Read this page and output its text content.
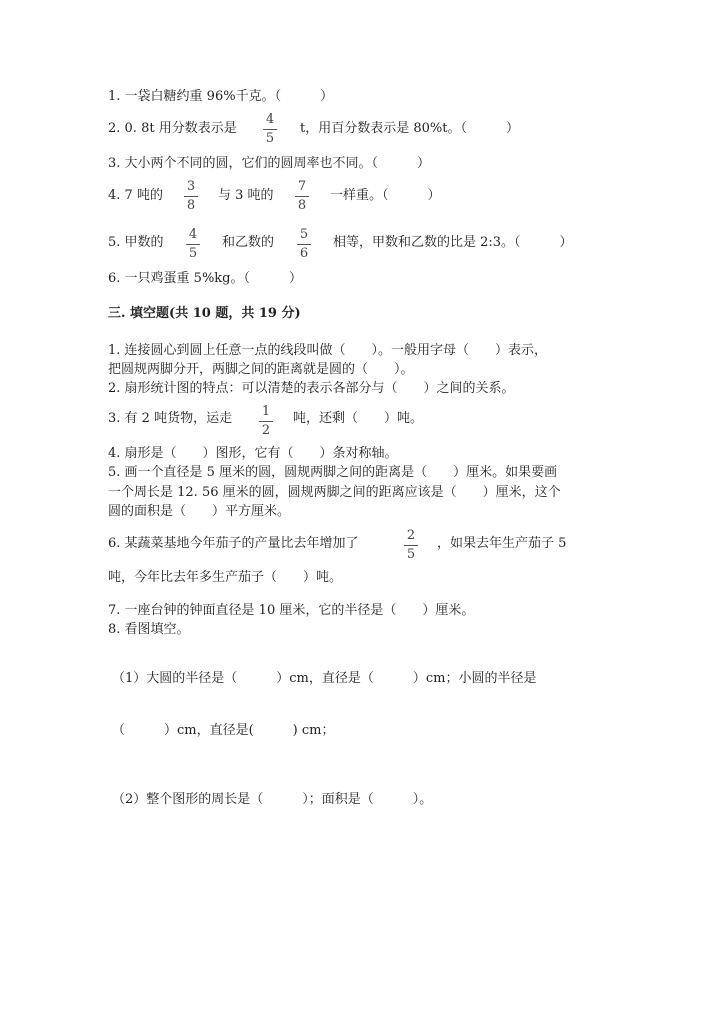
1. 一袋白糖约重 96%千克。（　　　）
2. 0. 8t 用分数表示是
4
5
t，用百分数表示是 80%t。（　　　）
3. 大小两个不同的圆，它们的圆周率也不同。（　　　）
4. 7 吨的
3
8
与 3 吨的
7
8
一样重。（　　　）
5. 甲数的
4
5
和乙数的
5
6
相等，甲数和乙数的比是 2:3。（　　　）
6. 一只鸡蛋重 5%kg。（　　　）
三. 填空题(共 10 题，共 19 分)
1. 连接圆心到圆上任意一点的线段叫做（　　）。一般用字母（　　）表示，
把圆规两脚分开，两脚之间的距离就是圆的（　　）。
2. 扇形统计图的特点：可以清楚的表示各部分与（　　）之间的关系。
3. 有 2 吨货物，运走 1
2
吨，还剩（　　）吨。
4. 扇形是（　　）图形，它有（　　）条对称轴。
5. 画一个直径是 5 厘米的圆，圆规两脚之间的距离是（　　）厘米。如果要画
一个周长是 12. 56 厘米的圆，圆规两脚之间的距离应该是（　　）厘米，这个
圆的面积是（　　）平方厘米。
6. 某蔬菜基地今年茄子的产量比去年增加了
2
5
，如果去年生产茄子 5
吨，今年比去年多生产茄子（　　）吨。
7. 一座台钟的钟面直径是 10 厘米，它的半径是（　　）厘米。
8. 看图填空。
（1）大圆的半径是（　　　）cm，直径是（　　　）cm；小圆的半径是
（　　　）cm，直径是(　　　) cm；
（2）整个图形的周长是（　　　）；面积是（　　　）。
